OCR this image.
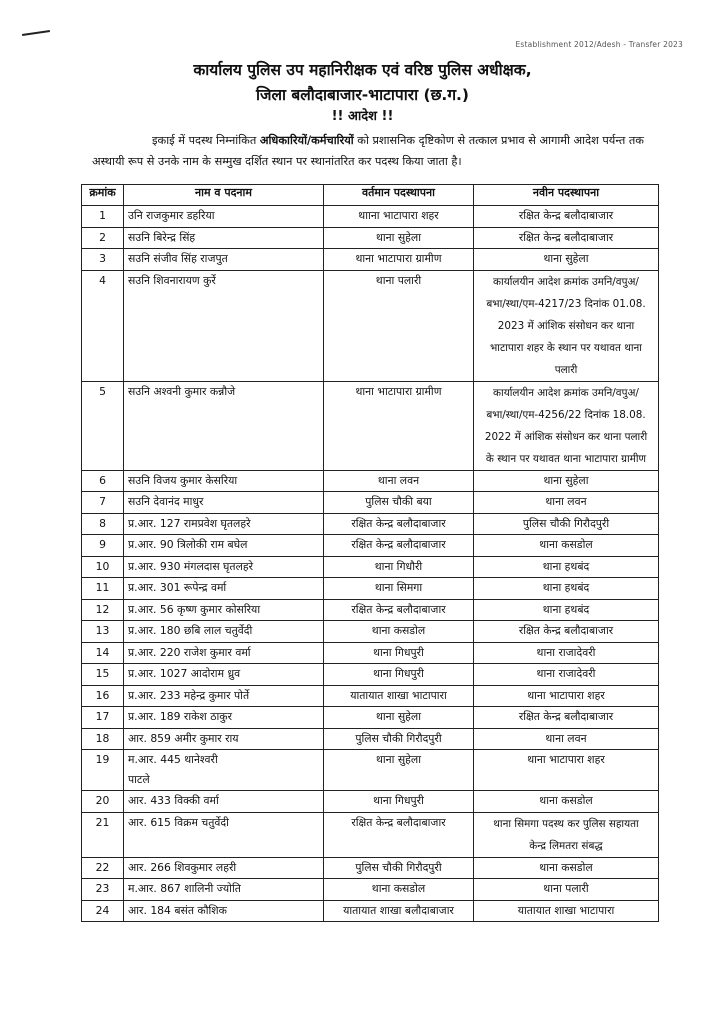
Establishment 2012/Adesh - Transfer 2023
कार्यालय पुलिस उप महानिरीक्षक एवं वरिष्ठ पुलिस अधीक्षक,
जिला बलौदाबाजार-भाटापारा (छ.ग.)
!! आदेश !!
इकाई में पदस्थ निम्नांकित अधिकारियों/कर्मचारियों को प्रशासनिक दृष्टिकोण से तत्काल प्रभाव से आगामी आदेश पर्यन्त तक अस्थायी रूप से उनके नाम के सम्मुख दर्शित स्थान पर स्थानांतरित कर पदस्थ किया जाता है।
क्रमांक	नाम व पदनाम	वर्तमान पदस्थापना	नवीन पदस्थापना
1	उनि राजकुमार डहरिया	थााना भाटापारा शहर	रक्षित केन्द्र बलौदाबाजार
2	सउनि बिरेन्द्र सिंह	थाना सुहेला	रक्षित केन्द्र बलौदाबाजार
3	सउनि संजीव सिंह राजपुत	थाना भाटापारा ग्रामीण	थाना सुहेला
4	सउनि शिवनारायण कुर्रे	थाना पलारी	कार्यालयीन आदेश क्रमांक उमनि/वपुअ/
बभा/स्था/एम-4217/23 दिनांक 01.08.
2023 में आंशिक संसोधन कर थाना
भाटापारा शहर के स्थान पर यथावत थाना
पलारी

5	सउनि अश्वनी कुमार कन्नौजे	थाना भाटापारा ग्रामीण	कार्यालयीन आदेश क्रमांक उमनि/वपुअ/
बभा/स्था/एम-4256/22 दिनांक 18.08.
2022 में आंशिक संसोधन कर थाना पलारी
के स्थान पर यथावत थाना भाटापारा ग्रामीण

6	सउनि विजय कुमार केसरिया	थाना लवन	थाना सुहेला
7	सउनि देवानंद माधुर	पुलिस चौकी बया	थाना लवन
8	प्र.आर. 127 रामप्रवेश घृतलहरे	रक्षित केन्द्र बलौदाबाजार	पुलिस चौकी गिरौदपुरी
9	प्र.आर. 90 त्रिलोकी राम बघेल	रक्षित केन्द्र बलौदाबाजार	थाना कसडोल
10	प्र.आर. 930 मंगलदास घृतलहरे	थाना गिधौरी	थाना हथबंद
11	प्र.आर. 301 रूपेन्द्र वर्मा	थाना सिमगा	थाना हथबंद
12	प्र.आर. 56 कृष्ण कुमार कोसरिया	रक्षित केन्द्र बलौदाबाजार	थाना हथबंद
13	प्र.आर. 180 छबि लाल चतुर्वेदी	थाना कसडोल	रक्षित केन्द्र बलौदाबाजार
14	प्र.आर. 220 राजेश कुमार वर्मा	थाना गिधपुरी	थाना राजादेवरी
15	प्र.आर. 1027 आदोराम ध्रुव	थाना गिधपुरी	थाना राजादेवरी
16	प्र.आर. 233 महेन्द्र कुमार पोर्ते	यातायात शाखा भाटापारा	थाना भाटापारा शहर
17	प्र.आर. 189 राकेश ठाकुर	थाना सुहेला	रक्षित केन्द्र बलौदाबाजार
18	आर. 859 अमीर कुमार राय	पुलिस चौकी गिरौदपुरी	थाना लवन
19	म.आर. 445 थानेश्वरी
पाटले	थाना सुहेला	थाना भाटापारा शहर
20	आर. 433 विक्की वर्मा	थाना गिधपुरी	थाना कसडोल
21	आर. 615 विक्रम चतुर्वेदी	रक्षित केन्द्र बलौदाबाजार	थाना सिमगा पदस्थ कर पुलिस सहायता
केन्द्र लिमतरा संबद्ध

22	आर. 266 शिवकुमार लहरी	पुलिस चौकी गिरौदपुरी	थाना कसडोल
23	म.आर. 867 शालिनी ज्योति	थाना कसडोल	थाना पलारी
24	आर. 184 बसंत कौशिक	यातायात शाखा बलौदाबाजार	यातायात शाखा भाटापारा
